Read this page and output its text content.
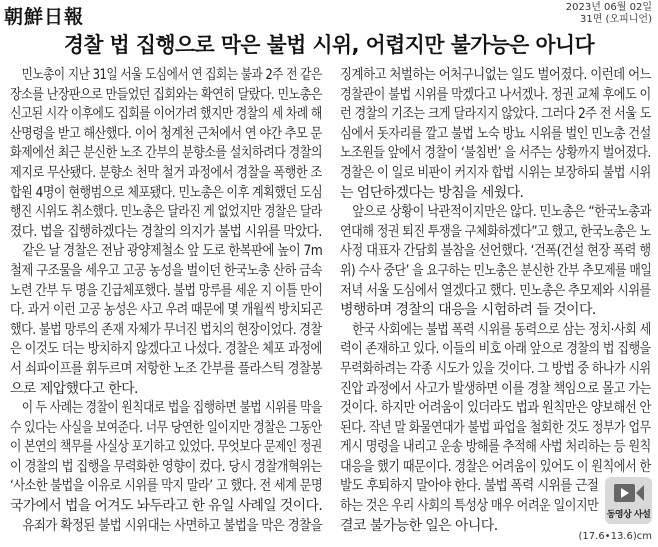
朝鮮日報	2023년 06월 02일
31면 (오피니언)
경찰 법 집행으로 막은 불법 시위, 어렵지만 불가능은 아니다
민노총이 지난 31일 서울 도심에서 연 집회는 불과 2주 전 같은
장소를 난장판으로 만들었던 집회와는 확연히 달랐다. 민노총은
신고된 시각 이후에도 집회를 이어가려 했지만 경찰의 세 차례 해
산명령을 받고 해산했다. 이어 청계천 근처에서 연 야간 추모 문
화제에선 최근 분신한 노조 간부의 분향소를 설치하려다 경찰의
제지로 무산됐다. 분향소 천막 철거 과정에서 경찰을 폭행한 조
합원 4명이 현행범으로 체포됐다. 민노총은 이후 계획했던 도심
행진 시위도 취소했다. 민노총은 달라진 게 없었지만 경찰은 달라
졌다. 법을 집행하겠다는 경찰의 의지가 불법 시위를 막았다.
같은 날 경찰은 전남 광양제철소 앞 도로 한복판에 높이 7m
철제 구조물을 세우고 고공 농성을 벌이던 한국노총 산하 금속
노련 간부 두 명을 긴급체포했다. 불법 망루를 세운 지 이틀 만이
다. 과거 이런 고공 농성은 사고 우려 때문에 몇 개월씩 방치되곤
했다. 불법 망루의 존재 자체가 무너진 법치의 현장이었다. 경찰
은 이것도 더는 방치하지 않겠다고 나섰다. 경찰은 체포 과정에
서 쇠파이프를 휘두르며 저항한 노조 간부를 플라스틱 경찰봉
으로 제압했다고 한다.
이 두 사례는 경찰이 원칙대로 법을 집행하면 불법 시위를 막을
수 있다는 사실을 보여준다. 너무 당연한 일이지만 경찰은 그동안
이 본연의 책무를 사실상 포기하고 있었다. 무엇보다 문제인 정권
이 경찰의 법 집행을 무력화한 영향이 컸다. 당시 경찰개혁위는
‘사소한 불법을 이유로 시위를 막지 말라’ 고 했다. 전 세계 문명
국가에서 법을 어겨도 놔두라고 한 유일 사례일 것이다.
유죄가 확정된 불법 시위대는 사면하고 불법을 막은 경찰을
징계하고 처벌하는 어처구니없는 일도 벌어졌다. 이런데 어느
경찰관이 불법 시위를 막겠다고 나서겠나. 정권 교체 후에도 이
런 경찰의 기조는 크게 달라지지 않았다. 그러다 2주 전 서울 도
심에서 돗자리를 깔고 불법 노숙 방뇨 시위를 벌인 민노총 건설
노조원들 앞에서 경찰이 ‘불침번’ 을 서주는 상황까지 벌어졌다.
경찰은 이 일로 비판이 커지자 합법 시위는 보장하되 불법 시위
는 엄단하겠다는 방침을 세웠다.
앞으로 상황이 낙관적이지만은 않다. 민노총은 “한국노총과
연대해 정권 퇴진 투쟁을 구체화하겠다”고 했고, 한국노총은 노
사정 대표자 간담회 불참을 선언했다. ‘건폭(건설 현장 폭력 행
위) 수사 중단’ 을 요구하는 민노총은 분신한 간부 추모제를 매일
저녁 서울 도심에서 열겠다고 했다. 민노총은 추모제와 시위를
병행하며 경찰의 대응을 시험하려 들 것이다.
한국 사회에는 불법 폭력 시위를 동력으로 삼는 정치·사회 세
력이 존재하고 있다. 이들의 비호 아래 앞으로 경찰의 법 집행을
무력화하려는 각종 시도가 있을 것이다. 그 방법 중 하나가 시위
진압 과정에서 사고가 발생하면 이를 경찰 책임으로 몰고 가는
것이다. 하지만 어려움이 있더라도 법과 원칙만은 양보해선 안
된다. 작년 말 화물연대가 불법 파업을 철회한 것도 정부가 업무
게시 명령을 내리고 운송 방해를 추적해 사법 처리하는 등 원칙
대응을 했기 때문이다. 경찰은 어려움이 있어도 이 원칙에서 한
발도 후퇴하지 말아야 한다. 불법 폭력 시위를 근절
하는 것은 우리 사회의 특성상 매우 어려운 일이지만
결코 불가능한 일은 아니다.
동영상 사설
(17.6•13.6)cm
